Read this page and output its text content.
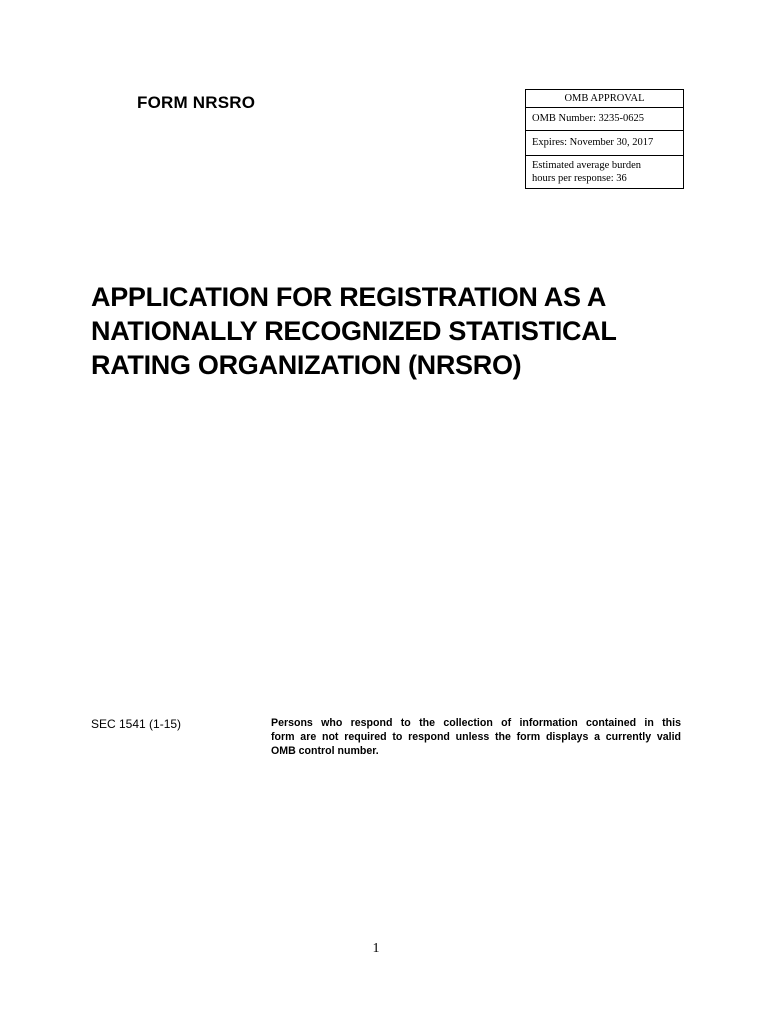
FORM NRSRO	OMB APPROVAL
OMB Number: 3235-0625
Expires: November 30, 2017
Estimated average burden
hours per response: 36
APPLICATION FOR REGISTRATION AS A
NATIONALLY RECOGNIZED STATISTICAL
RATING ORGANIZATION (NRSRO)
SEC 1541 (1-15)	Persons who respond to the collection of information contained in this
form are not required to respond unless the form displays a currently valid
OMB control number.
1
